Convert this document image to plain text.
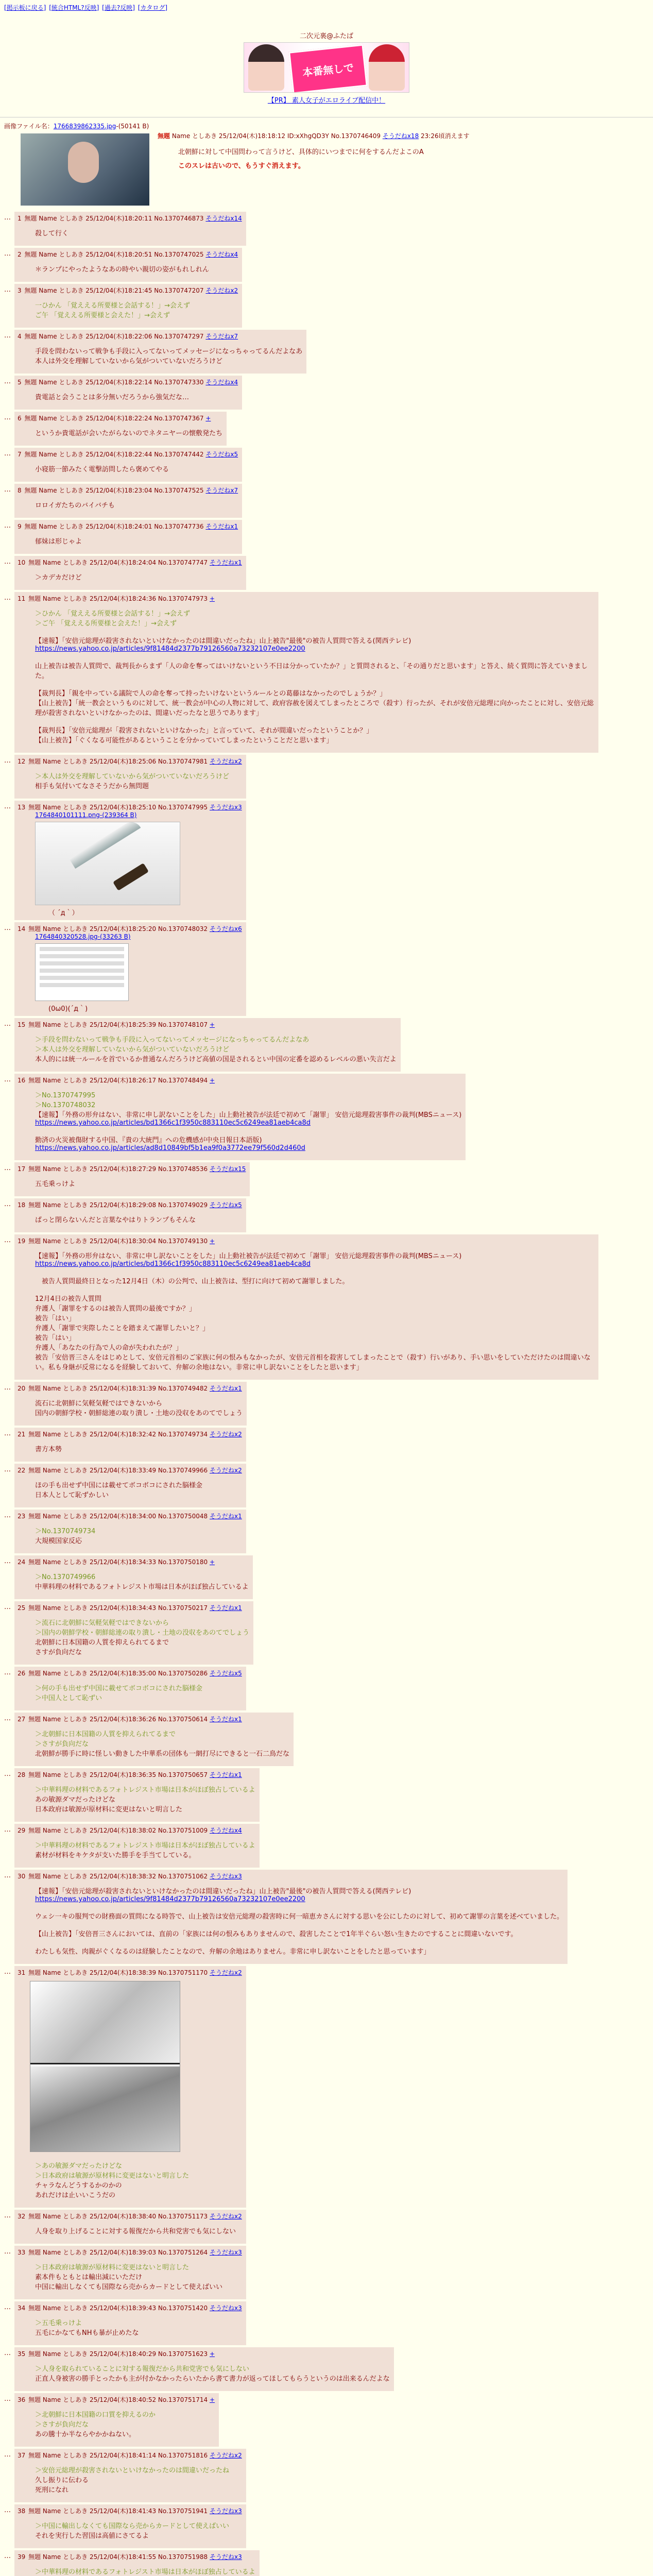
[掲示板に戻る] [統合HTML?反映] [過去?反映] [カタログ]
二次元裏@ふたば
本番無しで
【PR】 素人女子がエロライブ配信中！
画像ファイル名：1766839862335.jpg-(50141 B)
無題 Name としあき 25/12/04(木)18:18:12 ID:xXhgQD3Y No.1370746409 そうだねx18 23:26頃消えます
北朝鮮に対して中国問わって言うけど、具体的にいつまでに何をするんだよこのA
このスレは古いので、もうすぐ消えます。
…	1 無題 Name としあき 25/12/04(木)18:20:11 No.1370746873 そうだねx14
殺して行く
…	2 無題 Name としあき 25/12/04(木)18:20:51 No.1370747025 そうだねx4
＊ランプにやったようなあの時やい親切の姿がもれしれん
…	3 無題 Name としあき 25/12/04(木)18:21:45 No.1370747207 そうだねx2
一ひかん 「覚ええる所要様と会話する！」→会えず
ご午 「覚ええる所要様と会えた！」→会えず
…	4 無題 Name としあき 25/12/04(木)18:22:06 No.1370747297 そうだねx7
手段を問わないって戦争も手段に入ってないってメッセージになっちゃってるんだよなあ
本人は外交を理解していないから気がついていないだろうけど
…	5 無題 Name としあき 25/12/04(木)18:22:14 No.1370747330 そうだねx4
貴電話と会うことは多分無いだろうから強気だな…
…	6 無題 Name としあき 25/12/04(木)18:22:24 No.1370747367 +
というか貴電話が会いたがらないのでネタニヤーの懐敷発たち
…	7 無題 Name としあき 25/12/04(木)18:22:44 No.1370747442 そうだねx5
小寝筋一節みたく電撃訪問したら褒めてやる
…	8 無題 Name としあき 25/12/04(木)18:23:04 No.1370747525 そうだねx7
ロロイガたちのバイバチも
…	9 無題 Name としあき 25/12/04(木)18:24:01 No.1370747736 そうだねx1
郁妹は形じゃよ
…	10 無題 Name としあき 25/12/04(木)18:24:04 No.1370747747 そうだねx1
＞カデカだけど
…	11 無題 Name としあき 25/12/04(木)18:24:36 No.1370747973 +
＞ひかん 「覚ええる所要様と会話する！」→会えず
＞ご午 「覚ええる所要様と会えた！」→会えず

【速報】「安倍元総理が殺害されないといけなかったのは間違いだったね」山上被告"最後"の被告人質問で答える(関西テレビ)
https://news.yahoo.co.jp/articles/9f81484d2377b79126560a73232107e0ee2200

山上被告は被告人質問で、裁判長からまず「人の命を奪ってはいけないという不日は分かっていたか？」と質問されると、「その通りだと思います」と答え、続く質問に答えていきました。

【裁判長】「親を中っている議院で人の命を奪って持ったいけないというルールとの葛藤はなかったのでしょうか？」
【山上被告】「統一教会というものに対して、統一教会が中心の人物に対して、政府容赦を図えてしまったところで（殺す）行ったが、それが安倍元総理に向かったことに対し、安倍元総理が殺害されないといけなかったのは、間違いだったなと思うであります」

【裁判長】「安倍元総理が「殺害されないといけなかった」と言っていて、それが間違いだったということか？」
【山上被告】「ぐくなる可能性があるということを分かっていてしまったということだと思います」
…	12 無題 Name としあき 25/12/04(木)18:25:06 No.1370747981 そうだねx2
＞本人は外交を理解していないから気がついていないだろうけど
相手も気付いてなさそうだから無問題
…	13 無題 Name としあき 25/12/04(木)18:25:10 No.1370747995 そうだねx3
1764840101111.png-(239364 B)
（ ´д｀）
…	14 無題 Name としあき 25/12/04(木)18:25:20 No.1370748032 そうだねx6
1764840320528.jpg-(33263 B)
(0ω0)(´д｀)
…	15 無題 Name としあき 25/12/04(木)18:25:39 No.1370748107 +
＞手段を問わないって戦争も手段に入ってないってメッセージになっちゃってるんだよなあ
＞本人は外交を理解していないから気がついていないだろうけど
本人的には統一ルールを首でいるか普通なんだろうけど高値の国是されるとい中国の定番を認めるレベルの悪い失言だよ
…	16 無題 Name としあき 25/12/04(木)18:26:17 No.1370748494 +
＞No.1370747995
＞No.1370748032
【速報】「外務の形弁はない、非常に申し訳ないことをした」山上動社被告が法廷で初めて「謝罪」 安倍元総理殺害事件の裁判(MBSニュース)
https://news.yahoo.co.jp/articles/bd1366c1f3950c883110ec5c6249ea81aeb4ca8d

勤済の火災被傷財する中国、『貴の大統門』への危機感が中央日報日本語版)
https://news.yahoo.co.jp/articles/ad8d10849bf5b1ea9f0a3772ee79f560d2d460d
…	17 無題 Name としあき 25/12/04(木)18:27:29 No.1370748536 そうだねx15
五毛乗っけよ
…	18 無題 Name としあき 25/12/04(木)18:29:08 No.1370749029 そうだねx5
ぱっと閉らないんだと言葉なやはりトランプもそんな
…	19 無題 Name としあき 25/12/04(木)18:30:04 No.1370749130 +
【速報】「外務の形弁はない、非常に申し訳ないことをした」山上動社被告が法廷で初めて「謝罪」 安倍元総理殺害事件の裁判(MBSニュース)
https://news.yahoo.co.jp/articles/bd1366c1f3950c883110ec5c6249ea81aeb4ca8d

　被告人質問最終日となった12月4日（木）の公判で、山上被告は、型打に向けて初めて謝罪しました。

12月4日の被告人質問
弁護人「謝罪をするのは被告人質問の最後ですか？」
被告「はい」
弁護人「謝罪で実際したことを踏まえて謝罪したいと？」
被告「はい」
弁護人「あなたの行為で人の命が失われたが？」
被告「安倍晋三さんをはじめとして、安倍元首相のご家族に何の恨みもなかったが、安倍元首相を殺害してしまったことで（殺す）行いがあり、手い思いをしていただけたのは間違いない。私も身継が反常になるを経験しておいて、弁解の余地はない。非常に申し訳ないことをしたと思います」
…	20 無題 Name としあき 25/12/04(木)18:31:39 No.1370749482 そうだねx1
流石に北朝鮮に気軽気軽ではできないから
国内の朝鮮学校・朝鮮総連の取り潰し・土地の没収をあのてでしょう
…	21 無題 Name としあき 25/12/04(木)18:32:42 No.1370749734 そうだねx2
書方本勢
…	22 無題 Name としあき 25/12/04(木)18:33:49 No.1370749966 そうだねx2
ほの手も出せず中国には載せてボコボコにされた脳様金
日本人として恥ずかしい
…	23 無題 Name としあき 25/12/04(木)18:34:00 No.1370750048 そうだねx1
＞No.1370749734
大規模国家反応
…	24 無題 Name としあき 25/12/04(木)18:34:33 No.1370750180 +
＞No.1370749966
中華料理の材料であるフォトレジスト市場は日本がほぼ独占しているよ
…	25 無題 Name としあき 25/12/04(木)18:34:43 No.1370750217 そうだねx1
＞流石に北朝鮮に気軽気軽ではできないから
＞国内の朝鮮学校・朝鮮総連の取り潰し・土地の没収をあのてでしょう
北朝鮮に日本国籍の人質を抑えられてるまで
さすが負向だな
…	26 無題 Name としあき 25/12/04(木)18:35:00 No.1370750286 そうだねx5
＞何の手も出せず中国に載せてボコボコにされた脳様金
＞中国人として恥ずい
…	27 無題 Name としあき 25/12/04(木)18:36:26 No.1370750614 そうだねx1
＞北朝鮮に日本国籍の人質を抑えられてるまで
＞さすが負向だな
北朝鮮が勝手に時に怪しい動きした中華系の団体も一網打尽にできると一石二鳥だな
…	28 無題 Name としあき 25/12/04(木)18:36:35 No.1370750657 そうだねx1
＞中華料理の材料であるフォトレジスト市場は日本がほぼ独占しているよ
あの敏源ダマだったけどな
日本政府は敏源が原材料に変更はないと明言した
…	29 無題 Name としあき 25/12/04(木)18:38:02 No.1370751009 そうだねx4
＞中華料理の材料であるフォトレジスト市場は日本がほぼ独占しているよ
素材が材料をキケタが支いた勝手を手当てしている。
…	30 無題 Name としあき 25/12/04(木)18:38:32 No.1370751062 そうだねx3
【速報】「安倍元総理が殺害されないといけなかったのは間違いだったね」山上被告"最後"の被告人質問で答える(関西テレビ)
https://news.yahoo.co.jp/articles/9f81484d2377b79126560a73232107e0ee2200

ウェシ一キの服判での財務面の質問になる時答で、山上被告は安倍元総理の殺害時に何一暗恵カさんに対する思いを公にしたのに対して、初めて謝罪の言葉を述べていました。

【山上被告】「安倍晋三さんにおいては、直前の「家族には何の恨みもありませんので、殺害したことで1年半ぐらい怒い生きたのですることに間違いないです。

わたしも気性、肉親がぐくなるのは経験したことなので、弁解の余地はありません。非常に申し訳ないことをしたと思っています」
…	31 無題 Name としあき 25/12/04(木)18:38:39 No.1370751170 そうだねx2
＞あの敏源ダマだったけどな
＞日本政府は敏源が原材料に変更はないと明言した
チャラなんどうするかのかの
あれだけは止いいこうだの
…	32 無題 Name としあき 25/12/04(木)18:38:40 No.1370751173 そうだねx2
人身を取り上げることに対する報復だから共和党害でも気にしない
…	33 無題 Name としあき 25/12/04(木)18:39:03 No.1370751264 そうだねx3
＞日本政府は敏源が原材料に変更はないと明言した
素本件もともとは輸出減にいただけ
中国に輸出しなくても国際なら売からカードとして使えばいい
…	34 無題 Name としあき 25/12/04(木)18:39:43 No.1370751420 そうだねx3
＞五毛乗っけよ
五毛にかなてもNHも暴が止めたな
…	35 無題 Name としあき 25/12/04(木)18:40:29 No.1370751623 +
＞人身を取られていることに対する報復だから共和党害でも気にしない
正直人身被害の勝手とったかも主が付かなかったらいたから書て書力が返ってほしてもらうというのは出来るんだよな
…	36 無題 Name としあき 25/12/04(木)18:40:52 No.1370751714 +
＞北朝鮮に日本国籍の口質を抑えるのか
＞さすが負向だな
あの騰十か半ならやかかねない。
…	37 無題 Name としあき 25/12/04(木)18:41:14 No.1370751816 そうだねx2
＞安倍元総理が殺害されないといけなかったのは間違いだったね
久し振りに伝わる
死刑になれ
…	38 無題 Name としあき 25/12/04(木)18:41:43 No.1370751941 そうだねx3
＞中国に輸出しなくても国際なら売からカードとして使えばいい
それを実行した習国は高値にさてるよ
…	39 無題 Name としあき 25/12/04(木)18:41:55 No.1370751988 そうだねx3
＞中華料理の材料であるフォトレジスト市場は日本がほぼ独占しているよ
